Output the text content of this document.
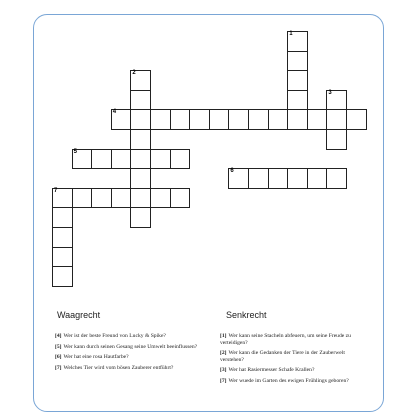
1
2
3
4
5
6
7
Waagrecht	Senkrecht
[4] Wer ist der beste Freund von Lucky & Spike?
[5] Wer kann durch seinen Gesang seine Umwelt beeinflussen?
[6] Wer hat eine rosa Hautfarbe?
[7] Welches Tier wird vom bösen Zauberer entführt?
[1] Wer kann seine Stacheln abfeuern, um seine Freude zu verteidigen?
[2] Wer kann die Gedanken der Tiere in der Zauberwelt verstehen?
[3] Wer hat Rasiermesser Schafe Krallen?
[7] Wer wuede im Garten des ewigen Frühlings geboren?
